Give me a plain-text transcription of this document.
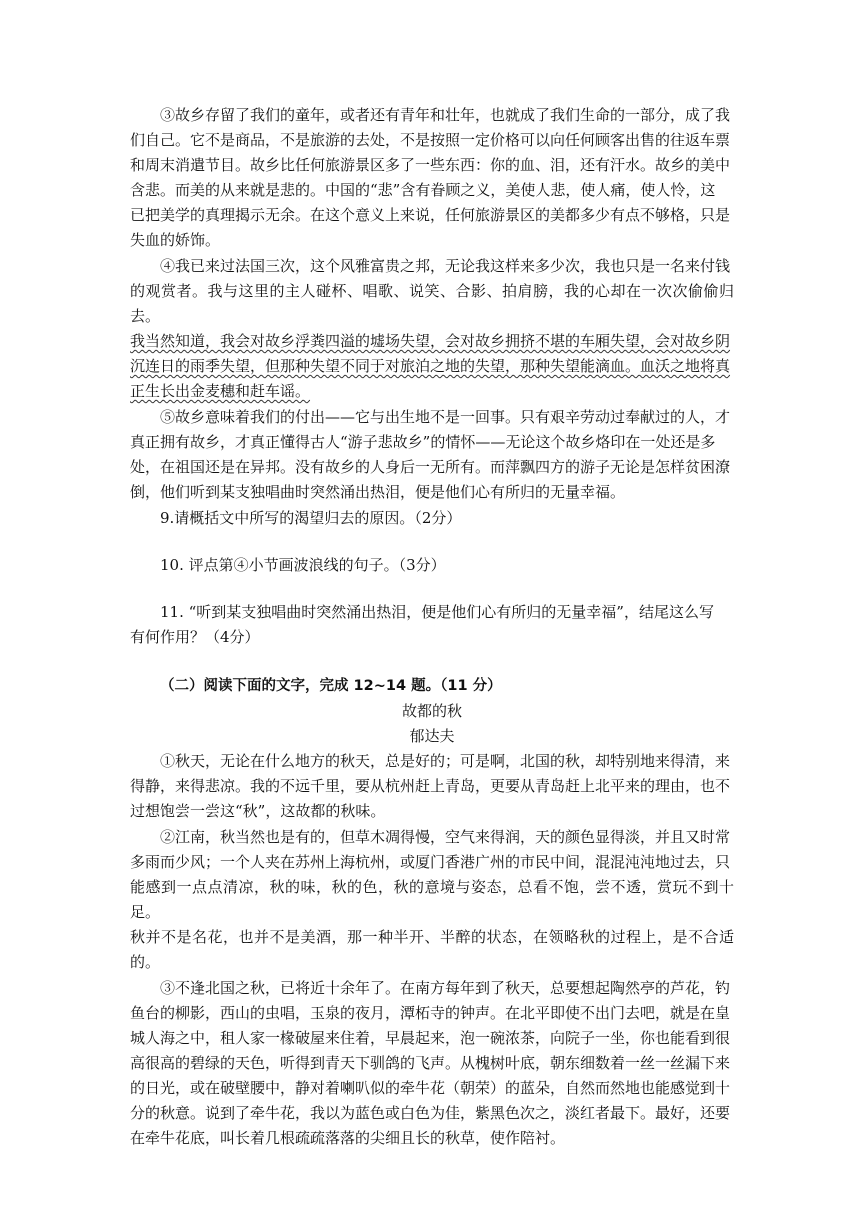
③故乡存留了我们的童年，或者还有青年和壮年，也就成了我们生命的一部分，成了我
们自己。它不是商品，不是旅游的去处，不是按照一定价格可以向任何顾客出售的往返车票
和周末消遣节目。故乡比任何旅游景区多了一些东西：你的血、泪，还有汗水。故乡的美中
含悲。而美的从来就是悲的。中国的“悲”含有眷顾之义，美使人悲，使人痛，使人怜，这
已把美学的真理揭示无余。在这个意义上来说，任何旅游景区的美都多少有点不够格，只是
失血的娇饰。
④我已来过法国三次，这个风雅富贵之邦，无论我这样来多少次，我也只是一名来付钱
的观赏者。我与这里的主人碰杯、唱歌、说笑、合影、拍肩膀，我的心却在一次次偷偷归去。
我当然知道，我会对故乡浮粪四溢的墟场失望，会对故乡拥挤不堪的车厢失望，会对故乡阴
沉连日的雨季失望，但那种失望不同于对旅泊之地的失望，那种失望能滴血。血沃之地将真
正生长出金麦穗和赶车谣。
⑤故乡意味着我们的付出——它与出生地不是一回事。只有艰辛劳动过奉献过的人，才
真正拥有故乡，才真正懂得古人“游子悲故乡”的情怀——无论这个故乡烙印在一处还是多
处，在祖国还是在异邦。没有故乡的人身后一无所有。而萍飘四方的游子无论是怎样贫困潦
倒，他们听到某支独唱曲时突然涌出热泪，便是他们心有所归的无量幸福。

9.请概括文中所写的渴望归去的原因。（2分）

10. 评点第④小节画波浪线的句子。（3分）

11. “听到某支独唱曲时突然涌出热泪，便是他们心有所归的无量幸福”，结尾这么写
有何作用？（4分）

（二）阅读下面的文字，完成 12~14 题。（11 分）

故都的秋

郁达夫

①秋天，无论在什么地方的秋天，总是好的；可是啊，北国的秋，却特别地来得清，来
得静，来得悲凉。我的不远千里，要从杭州赶上青岛，更要从青岛赶上北平来的理由，也不
过想饱尝一尝这“秋”，这故都的秋味。
②江南，秋当然也是有的，但草木凋得慢，空气来得润，天的颜色显得淡，并且又时常
多雨而少风；一个人夹在苏州上海杭州，或厦门香港广州的市民中间，混混沌沌地过去，只
能感到一点点清凉，秋的味，秋的色，秋的意境与姿态，总看不饱，尝不透，赏玩不到十足。
秋并不是名花，也并不是美酒，那一种半开、半醉的状态，在领略秋的过程上，是不合适的。
③不逢北国之秋，已将近十余年了。在南方每年到了秋天，总要想起陶然亭的芦花，钓
鱼台的柳影，西山的虫唱，玉泉的夜月，潭柘寺的钟声。在北平即使不出门去吧，就是在皇
城人海之中，租人家一椽破屋来住着，早晨起来，泡一碗浓茶，向院子一坐，你也能看到很
高很高的碧绿的天色，听得到青天下驯鸽的飞声。从槐树叶底，朝东细数着一丝一丝漏下来
的日光，或在破壁腰中，静对着喇叭似的牵牛花（朝荣）的蓝朵，自然而然地也能感觉到十
分的秋意。说到了牵牛花，我以为蓝色或白色为佳，紫黑色次之，淡红者最下。最好，还要
在牵牛花底，叫长着几根疏疏落落的尖细且长的秋草，使作陪衬。
